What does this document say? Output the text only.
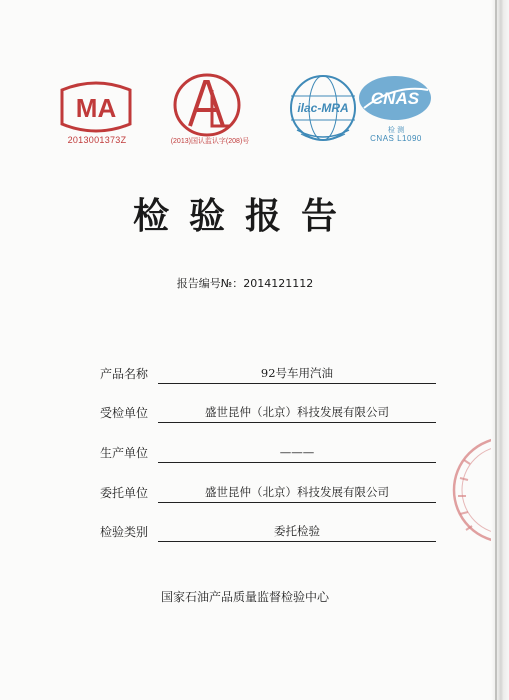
MA
2013001373Z	(2013)国认监认字(208)号
ilac-MRA CNAS
检 测
CNAS L1090
检验报告
报告编号№：2014121112
产品名称	92号车用汽油
受检单位	盛世昆仲（北京）科技发展有限公司
生产单位	———
委托单位	盛世昆仲（北京）科技发展有限公司
检验类别	委托检验
国家石油产品质量监督检验中心
